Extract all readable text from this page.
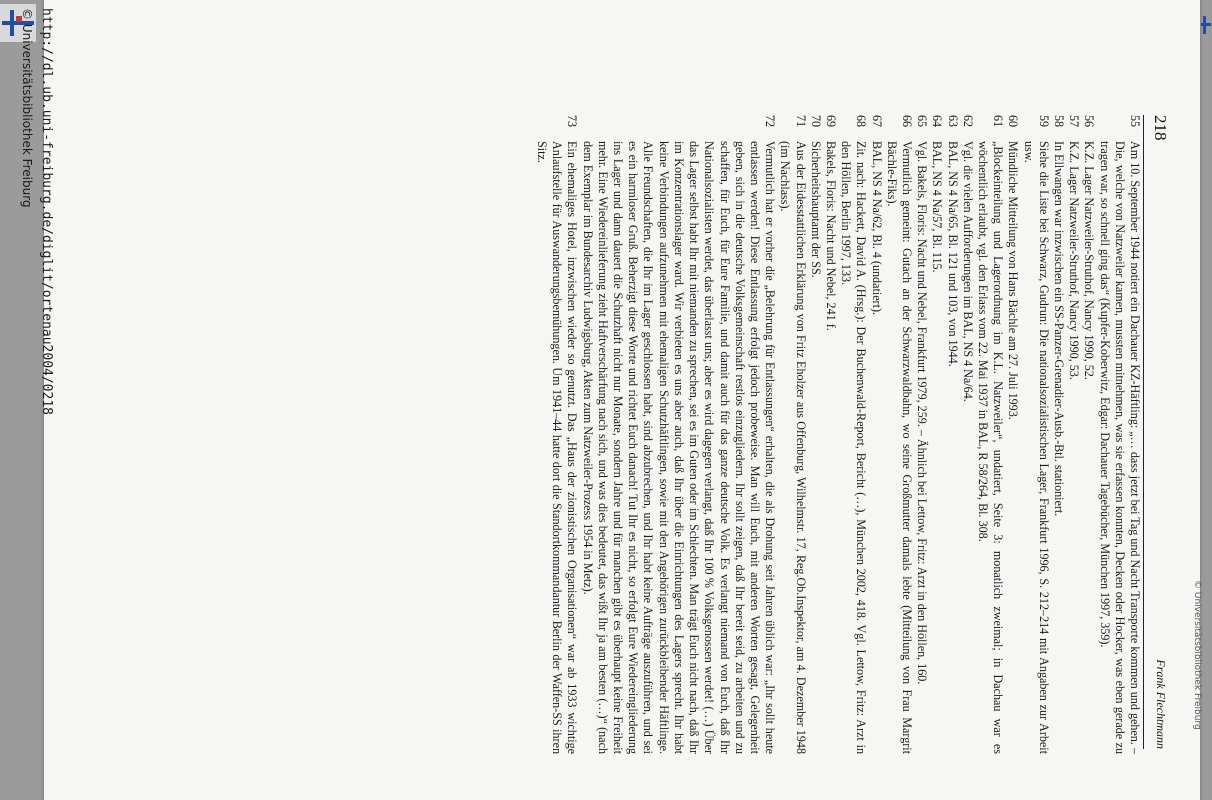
218
Frank Flechtmann
55
Am 10. September 1944 notiert ein Dachauer KZ-Häftling: „… dass jetzt bei Tag und Nacht Transporte kommen und gehen. – Die, welche von Natzweiler kamen, mussten mitnehmen, was sie erfassen konnten, Decken oder Hocker, was eben gerade zu tragen war, so schnell ging das“ (Kupfer-Koberwitz, Edgar: Dachauer Tagebücher, München 1997, 359).
56
K.Z. Lager Natzweiler-Struthof, Nancy 1990, 52.
57
K.Z. Lager Natzweiler-Struthof, Nancy 1990, 53.
58
In Ellwangen war inzwischen ein SS-Panzer-Grenadier-Ausb.-Btl. stationiert.
59
Siehe die Liste bei Schwarz, Gudrun: Die nationalsozialistischen Lager, Frankfurt 1996, S. 212–214 mit Angaben zur Arbeit usw.
60
Mündliche Mitteilung von Hans Bächle am 27. Juli 1993.
61
„Blockeinteilung und Lagerordnung im K.L. Natzweiler“, undatiert, Seite 3: monatlich zweimal; in Dachau war es wöchentlich erlaubt, vgl. den Erlass vom 22. Mai 1937 in BAL, R 58/264, Bl. 308.
62
Vgl. die vielen Aufforderungen im BAL, NS 4 Na/64.
63
BAL, NS 4 Na/65, Bl. 121 und 103, von 1944.
64
BAL, NS 4 Na/57, Bl. 115.
65
Vgl. Bakels, Floris: Nacht und Nebel, Frankfurt 1979, 259. – Ähnlich bei Lettow, Fritz: Arzt in den Höllen, 160.
66
Vermutlich gemeint: Gutach an der Schwarzwaldbahn, wo seine Großmutter damals lebte (Mitteilung von Frau Margrit Bächle-Fiks).
67
BAL, NS 4 Na/62, Bl. 4 (undatiert).
68
Zit. nach: Hackett, David A. (Hrsg.): Der Buchenwald-Report, Bericht (…), München 2002, 418. Vgl. Lettow, Fritz: Arzt in den Höllen, Berlin 1997, 133.
69
Bakels, Floris: Nacht und Nebel, 241 f.
70
Sicherheitshauptamt der SS.
71
Aus der Eidesstattlichen Erklärung von Fritz Eholzer aus Offenburg, Wilhelmstr. 17, Reg.Ob.Inspektor, am 4. Dezember 1948 (im Nachlass).
72
Vermutlich hat er vorher die „Belehrung für Entlassungen“ erhalten, die als Drohung seit Jahren üblich war: „Ihr sollt heute entlassen werden! Diese Entlassung erfolgt jedoch probeweise. Man will Euch, mit anderen Worten gesagt, Gelegenheit geben, sich in die deutsche Volksgemeinschaft restlos einzugliedern. Ihr sollt zeigen, daß Ihr bereit seid, zu arbeiten und zu schaffen, für Euch, für Eure Familie, und damit auch für das ganze deutsche Volk. Es verlangt niemand von Euch, daß Ihr Nationalsozialisten werdet, das überlasst uns; aber es wird dagegen verlangt, daß Ihr 100 % Volksgenossen werdet! (…) Über das Lager selbst habt Ihr mit niemanden zu sprechen, sei es im Guten oder im Schlechten. Man trägt Euch nicht nach, daß Ihr im Konzentrationslager ward. Wir verbieten es uns aber auch, daß Ihr über die Einrichtungen des Lagers sprecht. Ihr habt keine Verbindungen aufzunehmen mit ehemaligen Schutzhäftlingen, sowie mit den Angehörigen zurückbleibender Häftlinge. Alle Freundschaften, die Ihr im Lager geschlossen habt, sind abzubrechen, und Ihr habt keine Aufträge auszuführen, und sei es ein harmloser Gruß. Beherzigt diese Worte und richtet Euch danach! Tut Ihr es nicht, so erfolgt Eure Wiedereingliederung ins Lager und dann dauert die Schutzhaft nicht nur Monate, sondern Jahre und für manchen gibt es überhaupt keine Freiheit mehr. Eine Wiedereinlieferung zieht Haftverschärfung nach sich, und was dies bedeutet, das wißt Ihr ja am besten (…)“ (nach dem Exemplar im Bundesarchiv Ludwigsburg, Akten zum Natzweiler-Prozess 1954 in Metz).
73
Ein ehemaliges Hotel, inzwischen wieder so genutzt. Das „Haus der zionistischen Organisationen“ war ab 1933 wichtige Anlaufstelle für Auswanderungsbemühungen. Um 1941–44 hatte dort die Standortkommandantur Berlin der Waffen-SS ihren Sitz.
http://dl.ub.uni-freiburg.de/diglit/ortenau2004/0218
© Universitätsbibliothek Freiburg
© Universitätsbibliothek Freiburg
